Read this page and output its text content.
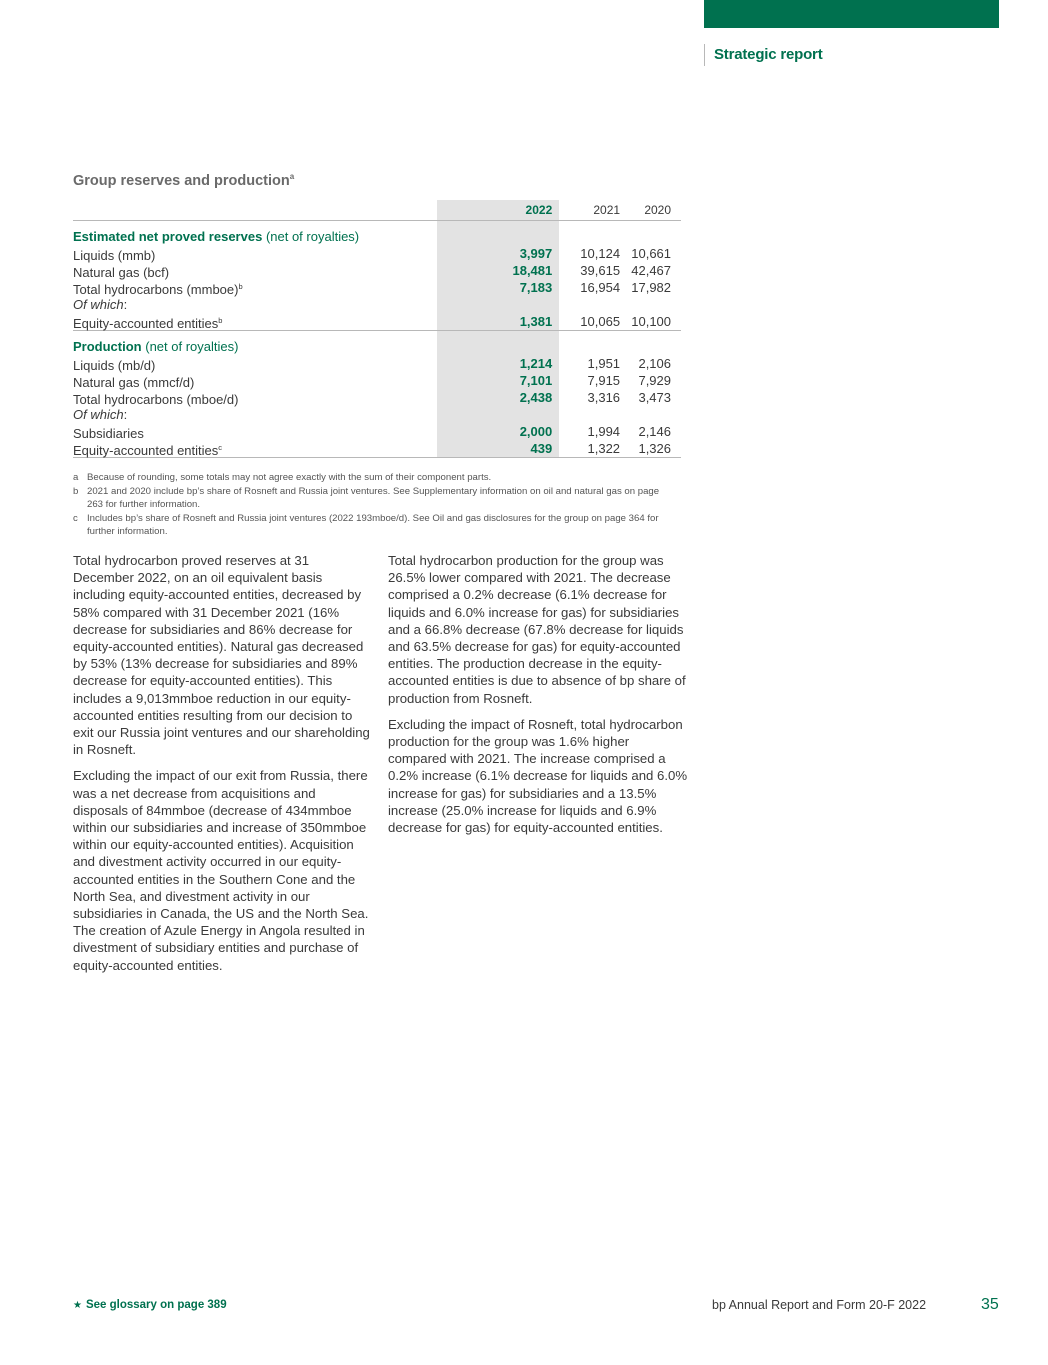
Strategic report
Group reserves and production$^a$
2022	2021	2020
Estimated net proved reserves (net of royalties)
Liquids (mmb)	3,997	10,124 10,661
Natural gas (bcf)	18,481	39,615 42,467
Total hydrocarbons (mmboe)$^b$	7,183	16,954 17,982
Of which:
Equity-accounted entities$^b$	1,381	10,065 10,100
Production (net of royalties)
Liquids (mb/d)	1,214	1,951	2,106
Natural gas (mmcf/d)	7,101	7,915	7,929
Total hydrocarbons (mboe/d)	2,438	3,316	3,473
Of which:
Subsidiaries	2,000	1,994	2,146
Equity-accounted entities$^c$	439	1,322	1,326
a Because of rounding, some totals may not agree exactly with the sum of their component parts.
b 2021 and 2020 include bp’s share of Rosneft and Russia joint ventures. See Supplementary information on oil and natural gas on page 263 for further information.
c Includes bp’s share of Rosneft and Russia joint ventures (2022 193mboe/d). See Oil and gas disclosures for the group on page 364 for further information.

Total hydrocarbon proved reserves at 31 December 2022, on an oil equivalent basis including equity-accounted entities, decreased by 58% compared with 31 December 2021 (16% decrease for subsidiaries and 86% decrease for equity-accounted entities). Natural gas decreased by 53% (13% decrease for subsidiaries and 89% decrease for equity-accounted entities). This includes a 9,013mmboe reduction in our equity-accounted entities resulting from our decision to exit our Russia joint ventures and our shareholding in Rosneft.

Excluding the impact of our exit from Russia, there was a net decrease from acquisitions and disposals of 84mmboe (decrease of 434mmboe within our subsidiaries and increase of 350mmboe within our equity-accounted entities). Acquisition and divestment activity occurred in our equity-accounted entities in the Southern Cone and the North Sea, and divestment activity in our subsidiaries in Canada, the US and the North Sea. The creation of Azule Energy in Angola resulted in divestment of subsidiary entities and purchase of equity-accounted entities.

Total hydrocarbon production for the group was 26.5% lower compared with 2021. The decrease comprised a 0.2% decrease (6.1% decrease for liquids and 6.0% increase for gas) for subsidiaries and a 66.8% decrease (67.8% decrease for liquids and 63.5% decrease for gas) for equity-accounted entities. The production decrease in the equity-accounted entities is due to absence of bp share of production from Rosneft.

Excluding the impact of Rosneft, total hydrocarbon production for the group was 1.6% higher compared with 2021. The increase comprised a 0.2% increase (6.1% decrease for liquids and 6.0% increase for gas) for subsidiaries and a 13.5% increase (25.0% increase for liquids and 6.9% decrease for gas) for equity-accounted entities.

★ See glossary on page 389	bp Annual Report and Form 20-F 2022	35
